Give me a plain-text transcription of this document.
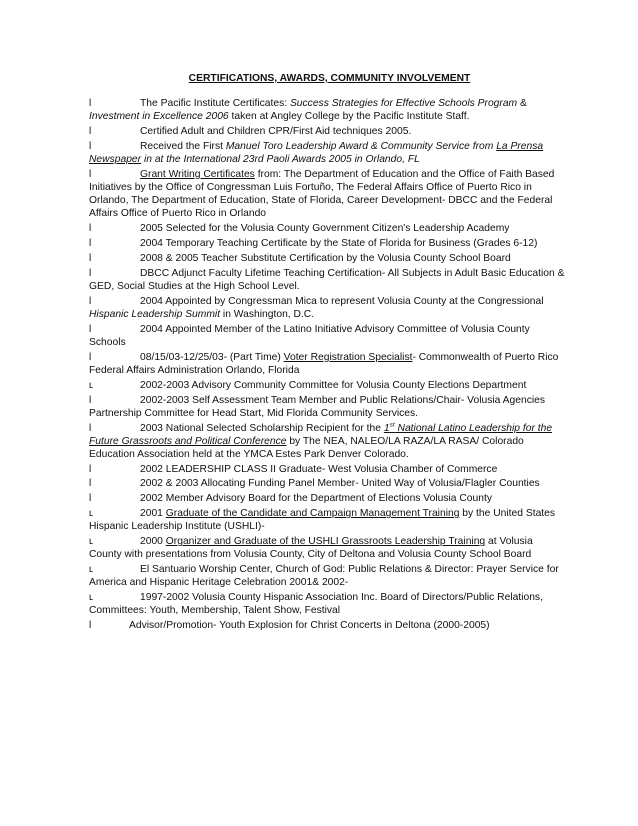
CERTIFICATIONS, AWARDS, COMMUNITY INVOLVEMENT
l	The Pacific Institute Certificates: Success Strategies for Effective Schools Program & Investment in Excellence 2006 taken at Angley College by the Pacific Institute Staff.
l	Certified Adult and Children CPR/First Aid techniques 2005.
l	Received the First Manuel Toro Leadership Award & Community Service from La Prensa Newspaper in at the International 23rd Paoli Awards 2005 in Orlando, FL
l	Grant Writing Certificates from: The Department of Education and the Office of Faith Based Initiatives by the Office of Congressman Luis Fortuño, The Federal Affairs Office of Puerto Rico in Orlando, The Department of Education, State of Florida, Career Development- DBCC and the Federal Affairs Office of Puerto Rico in Orlando
l	2005 Selected for the Volusia County Government Citizen's Leadership Academy
l	2004 Temporary Teaching Certificate by the State of Florida for Business (Grades 6-12)
l	2008 & 2005 Teacher Substitute Certification by the Volusia County School Board
l	DBCC Adjunct Faculty Lifetime Teaching Certification- All Subjects in Adult Basic Education & GED, Social Studies at the High School Level.
l	2004 Appointed by Congressman Mica to represent Volusia County at the Congressional Hispanic Leadership Summit in Washington, D.C.
l	2004 Appointed Member of the Latino Initiative Advisory Committee of Volusia County Schools
l	08/15/03-12/25/03- (Part Time) Voter Registration Specialist- Commonwealth of Puerto Rico Federal Affairs Administration Orlando, Florida
ʟ	2002-2003 Advisory Community Committee for Volusia County Elections Department
l	2002-2003 Self Assessment Team Member and Public Relations/Chair- Volusia Agencies Partnership Committee for Head Start, Mid Florida Community Services.
l	2003 National Selected Scholarship Recipient for the 1st National Latino Leadership for the Future Grassroots and Political Conference by The NEA, NALEO/LA RAZA/LA RASA/ Colorado Education Association held at the YMCA Estes Park Denver Colorado.
l	2002 LEADERSHIP CLASS II Graduate- West Volusia Chamber of Commerce
l	2002 & 2003 Allocating Funding Panel Member- United Way of Volusia/Flagler Counties
l	2002 Member Advisory Board for the Department of Elections Volusia County
ʟ	2001 Graduate of the Candidate and Campaign Management Training by the United States Hispanic Leadership Institute (USHLI)-
ʟ	2000 Organizer and Graduate of the USHLI Grassroots Leadership Training at Volusia County with presentations from Volusia County, City of Deltona and Volusia County School Board
ʟ	El Santuario Worship Center, Church of God: Public Relations & Director: Prayer Service for America and Hispanic Heritage Celebration 2001& 2002-
ʟ	1997-2002 Volusia County Hispanic Association Inc. Board of Directors/Public Relations, Committees: Youth, Membership, Talent Show, Festival
l	Advisor/Promotion- Youth Explosion for Christ Concerts in Deltona (2000-2005)
